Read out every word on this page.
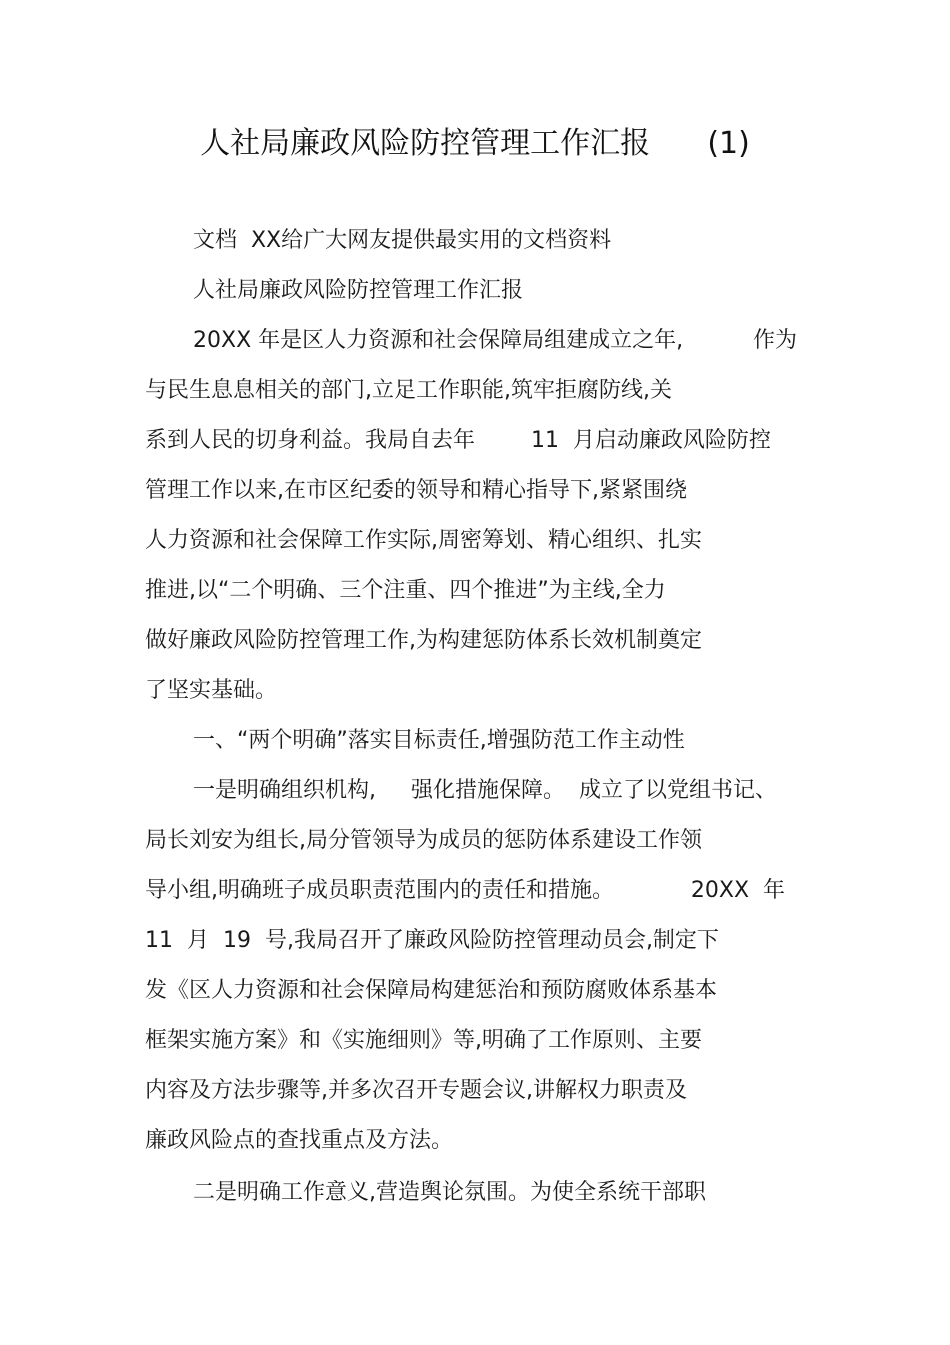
人社局廉政风险防控管理工作汇报      (1)
文档  XX给广大网友提供最实用的文档资料
人社局廉政风险防控管理工作汇报
20XX 年是区人力资源和社会保障局组建成立之年,          作为
与民生息息相关的部门,立足工作职能,筑牢拒腐防线,关
系到人民的切身利益。我局自去年        11  月启动廉政风险防控
管理工作以来,在市区纪委的领导和精心指导下,紧紧围绕
人力资源和社会保障工作实际,周密筹划、精心组织、扎实
推进,以“二个明确、三个注重、四个推进”为主线,全力
做好廉政风险防控管理工作,为构建惩防体系长效机制奠定
了坚实基础。
一、“两个明确”落实目标责任,增强防范工作主动性
一是明确组织机构,     强化措施保障。  成立了以党组书记、
局长刘安为组长,局分管领导为成员的惩防体系建设工作领
导小组,明确班子成员职责范围内的责任和措施。           20XX  年
11  月  19  号,我局召开了廉政风险防控管理动员会,制定下
发《区人力资源和社会保障局构建惩治和预防腐败体系基本
框架实施方案》和《实施细则》等,明确了工作原则、主要
内容及方法步骤等,并多次召开专题会议,讲解权力职责及
廉政风险点的查找重点及方法。
二是明确工作意义,营造舆论氛围。为使全系统干部职
